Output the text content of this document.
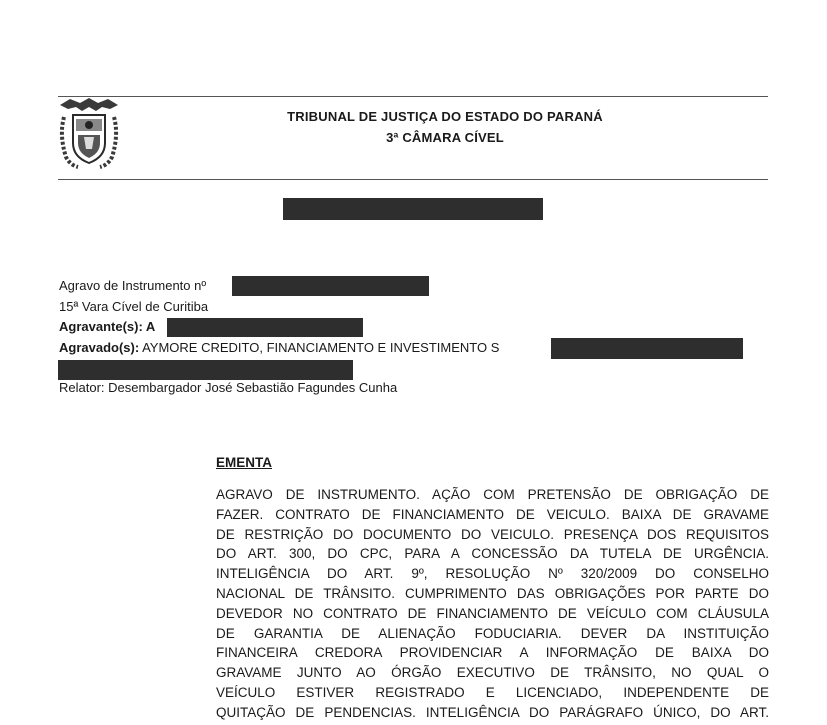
TRIBUNAL DE JUSTIÇA DO ESTADO DO PARANÁ
3ª CÂMARA CÍVEL
Agravo de Instrumento nº
15ª Vara Cível de Curitiba
Agravante(s): A
Agravado(s): AYMORE CREDITO, FINANCIAMENTO E INVESTIMENTO S
Relator: Desembargador José Sebastião Fagundes Cunha
EMENTA
AGRAVO DE INSTRUMENTO. AÇÃO COM PRETENSÃO DE OBRIGAÇÃO DE
FAZER. CONTRATO DE FINANCIAMENTO DE VEICULO. BAIXA DE GRAVAME
DE RESTRIÇÃO DO DOCUMENTO DO VEICULO. PRESENÇA DOS REQUISITOS
DO ART. 300, DO CPC, PARA A CONCESSÃO DA TUTELA DE URGÊNCIA.
INTELIGÊNCIA DO ART. 9º, RESOLUÇÃO Nº 320/2009 DO CONSELHO
NACIONAL DE TRÂNSITO. CUMPRIMENTO DAS OBRIGAÇÕES POR PARTE DO
DEVEDOR NO CONTRATO DE FINANCIAMENTO DE VEÍCULO COM CLÁUSULA
DE GARANTIA DE ALIENAÇÃO FODUCIARIA. DEVER DA INSTITUIÇÃO
FINANCEIRA CREDORA PROVIDENCIAR A INFORMAÇÃO DE BAIXA DO
GRAVAME JUNTO AO ÓRGÃO EXECUTIVO DE TRÂNSITO, NO QUAL O
VEÍCULO ESTIVER REGISTRADO E LICENCIADO, INDEPENDENTE DE
QUITAÇÃO DE PENDENCIAS. INTELIGÊNCIA DO PARÁGRAFO ÚNICO, DO ART.
